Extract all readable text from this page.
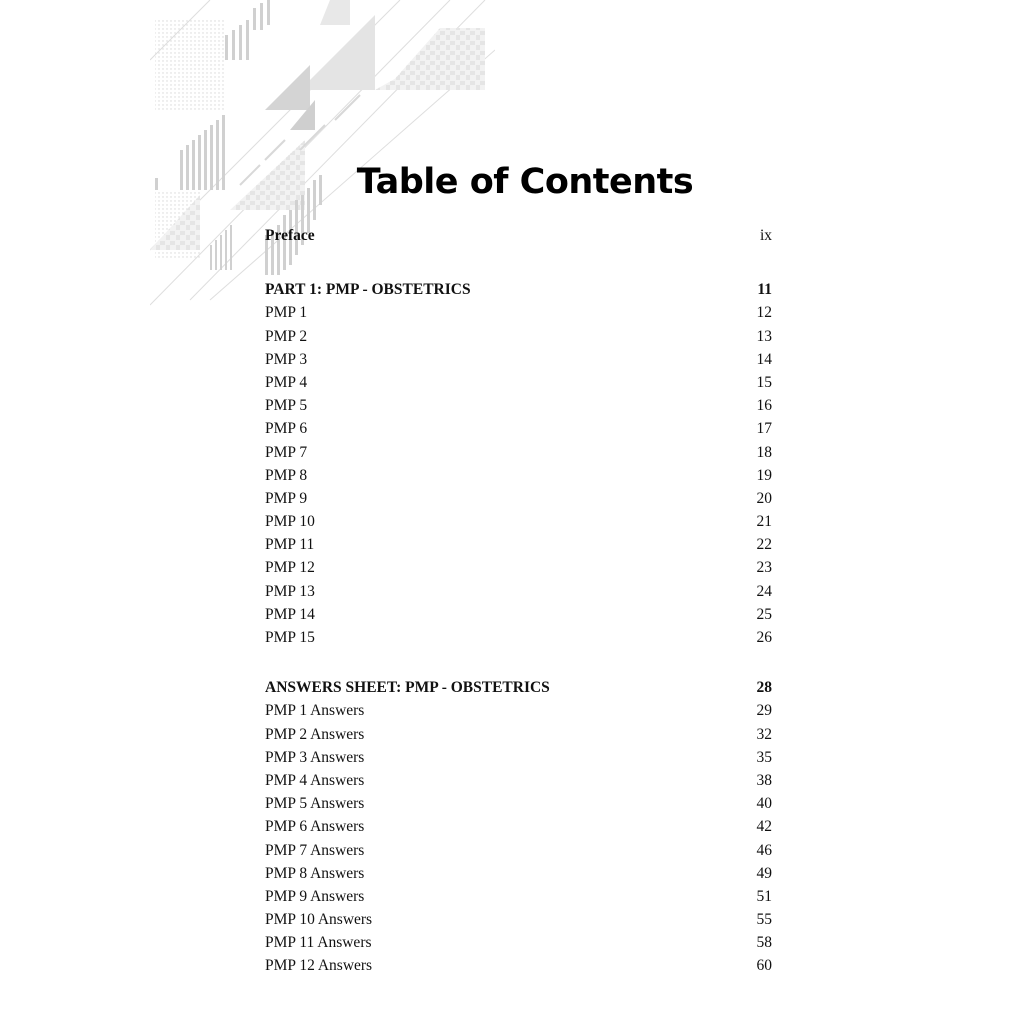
Table of Contents
Preface	ix
PART 1: PMP - OBSTETRICS	11
PMP 1	12
PMP 2	13
PMP 3	14
PMP 4	15
PMP 5	16
PMP 6	17
PMP 7	18
PMP 8	19
PMP 9	20
PMP 10	21
PMP 11	22
PMP 12	23
PMP 13	24
PMP 14	25
PMP 15	26
ANSWERS SHEET: PMP - OBSTETRICS	28
PMP 1 Answers	29
PMP 2 Answers	32
PMP 3 Answers	35
PMP 4 Answers	38
PMP 5 Answers	40
PMP 6 Answers	42
PMP 7 Answers	46
PMP 8 Answers	49
PMP 9 Answers	51
PMP 10 Answers	55
PMP 11 Answers	58
PMP 12 Answers	60
